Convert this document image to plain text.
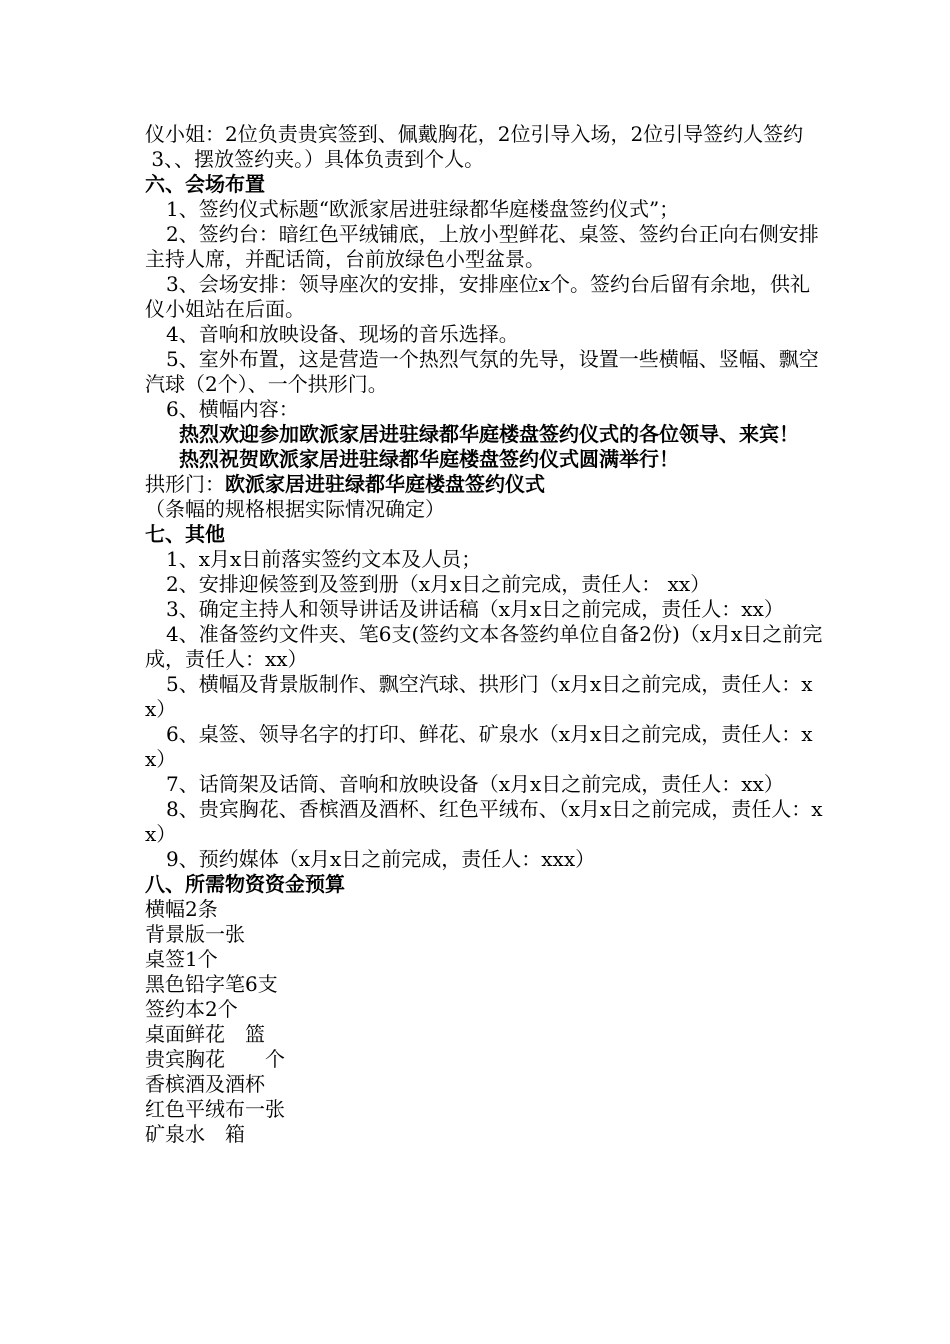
仪小姐：2位负责贵宾签到、佩戴胸花，2位引导入场，2位引导签约人签约

3、、摆放签约夹。）具体负责到个人。

六、会场布置

1、签约仪式标题“欧派家居进驻绿都华庭楼盘签约仪式”；

2、签约台：暗红色平绒铺底，上放小型鲜花、桌签、签约台正向右侧安排主持人席，并配话筒，台前放绿色小型盆景。

3、会场安排：领导座次的安排，安排座位x个。签约台后留有余地，供礼仪小姐站在后面。

4、音响和放映设备、现场的音乐选择。

5、室外布置，这是营造一个热烈气氛的先导，设置一些横幅、竖幅、飘空汽球（2个）、一个拱形门。

6、横幅内容：

热烈欢迎参加欧派家居进驻绿都华庭楼盘签约仪式的各位领导、来宾！

热烈祝贺欧派家居进驻绿都华庭楼盘签约仪式圆满举行！

拱形门：欧派家居进驻绿都华庭楼盘签约仪式

（条幅的规格根据实际情况确定）

七、其他

1、x月x日前落实签约文本及人员；

2、安排迎候签到及签到册（x月x日之前完成，责任人： xx）

3、确定主持人和领导讲话及讲话稿（x月x日之前完成，责任人：xx）

4、准备签约文件夹、笔6支(签约文本各签约单位自备2份)（x月x日之前完成，责任人：xx）

5、横幅及背景版制作、飘空汽球、拱形门（x月x日之前完成，责任人：xx）

6、桌签、领导名字的打印、鲜花、矿泉水（x月x日之前完成，责任人：xx）

7、话筒架及话筒、音响和放映设备（x月x日之前完成，责任人：xx）

8、贵宾胸花、香槟酒及酒杯、红色平绒布、（x月x日之前完成，责任人：xx）

9、预约媒体（x月x日之前完成，责任人：xxx）

八、所需物资资金预算

横幅2条

背景版一张

桌签1个

黑色铅字笔6支

签约本2个

桌面鲜花　篮

贵宾胸花　　个

香槟酒及酒杯

红色平绒布一张

矿泉水　箱
